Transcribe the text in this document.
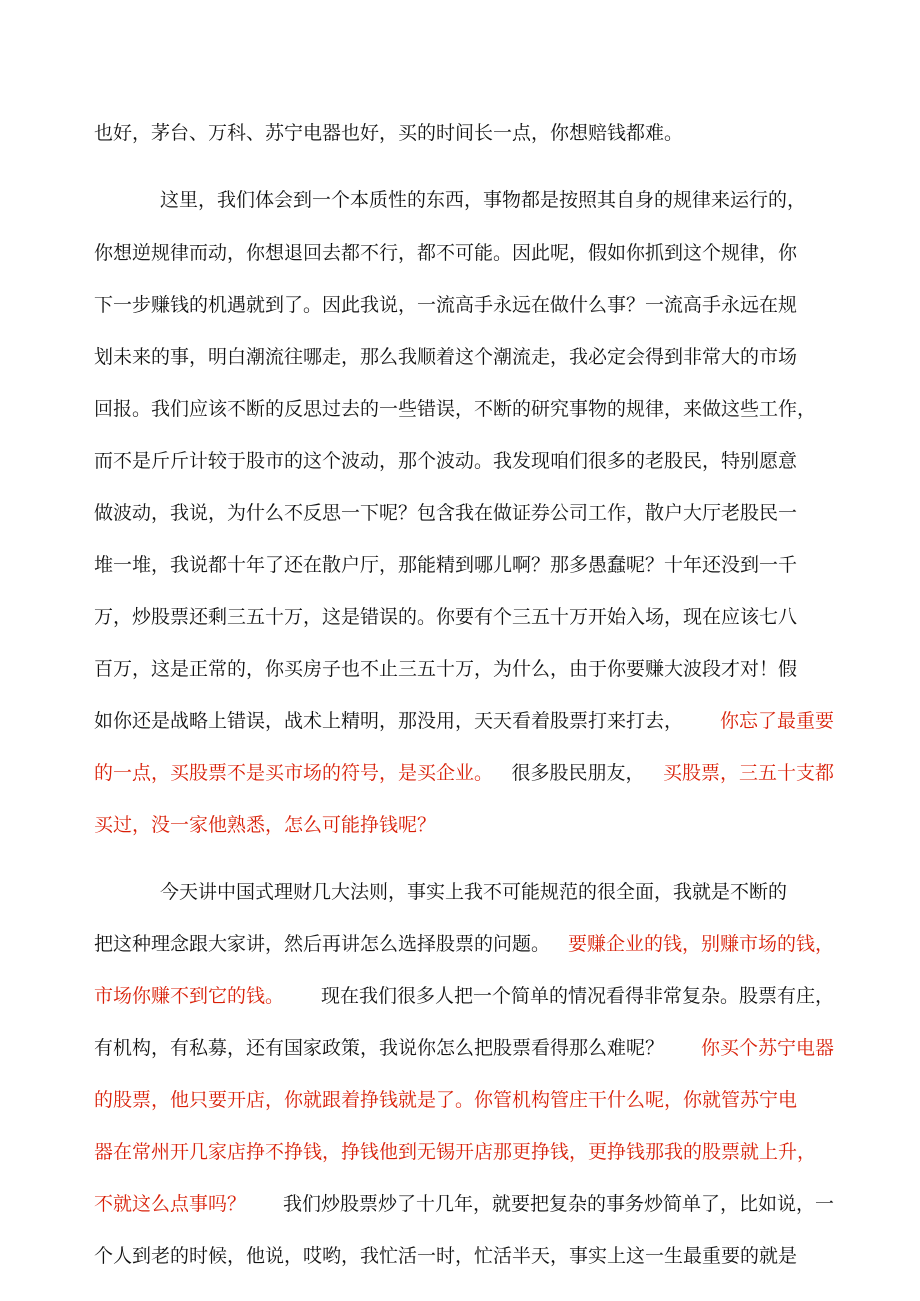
也好，茅台、万科、苏宁电器也好，买的时间长一点，你想赔钱都难。
这里，我们体会到一个本质性的东西，事物都是按照其自身的规律来运行的，
你想逆规律而动，你想退回去都不行，都不可能。因此呢，假如你抓到这个规律，你
下一步赚钱的机遇就到了。因此我说，一流高手永远在做什么事？一流高手永远在规
划未来的事，明白潮流往哪走，那么我顺着这个潮流走，我必定会得到非常大的市场
回报。我们应该不断的反思过去的一些错误，不断的研究事物的规律，来做这些工作，
而不是斤斤计较于股市的这个波动，那个波动。我发现咱们很多的老股民，特别愿意
做波动，我说，为什么不反思一下呢？包含我在做证券公司工作，散户大厅老股民一
堆一堆，我说都十年了还在散户厅，那能精到哪儿啊？那多愚蠢呢？十年还没到一千
万，炒股票还剩三五十万，这是错误的。你要有个三五十万开始入场，现在应该七八
百万，这是正常的，你买房子也不止三五十万，为什么，由于你要赚大波段才对！假
如你还是战略上错误，战术上精明，那没用，天天看着股票打来打去， 你忘了最重要
的一点，买股票不是买市场的符号，是买企业。 很多股民朋友， 买股票，三五十支都
买过，没一家他熟悉，怎么可能挣钱呢？
今天讲中国式理财几大法则，事实上我不可能规范的很全面，我就是不断的
把这种理念跟大家讲，然后再讲怎么选择股票的问题。 要赚企业的钱，别赚市场的钱，
市场你赚不到它的钱。 现在我们很多人把一个简单的情况看得非常复杂。股票有庄，
有机构，有私募，还有国家政策，我说你怎么把股票看得那么难呢？ 你买个苏宁电器
的股票，他只要开店，你就跟着挣钱就是了。你管机构管庄干什么呢，你就管苏宁电
器在常州开几家店挣不挣钱，挣钱他到无锡开店那更挣钱，更挣钱那我的股票就上升，
不就这么点事吗？ 我们炒股票炒了十几年，就要把复杂的事务炒简单了，比如说，一
个人到老的时候，他说，哎哟，我忙活一时，忙活半天，事实上这一生最重要的就是
